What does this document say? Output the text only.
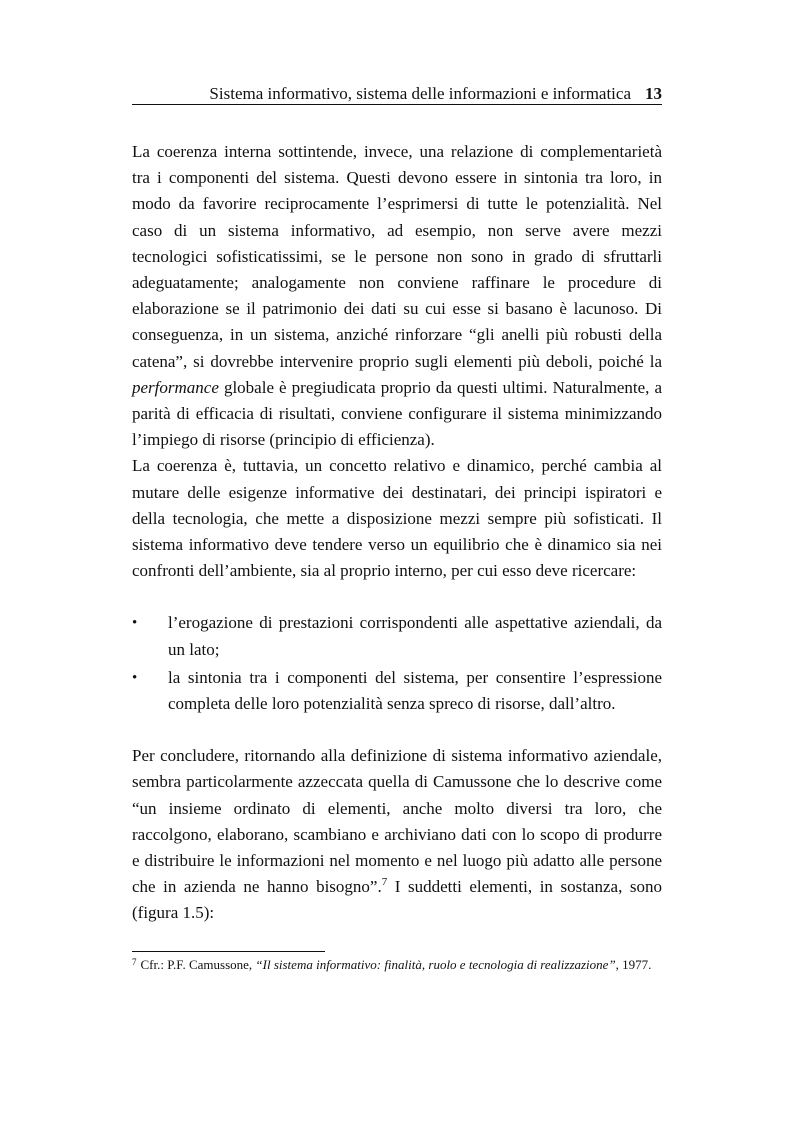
Sistema informativo, sistema delle informazioni e informatica 13

La coerenza interna sottintende, invece, una relazione di complementarietà tra i componenti del sistema. Questi devono essere in sintonia tra loro, in modo da favorire reciprocamente l’esprimersi di tutte le potenzialità. Nel caso di un sistema informativo, ad esempio, non serve avere mezzi tecnologici sofisticatissimi, se le persone non sono in grado di sfruttarli adeguatamente; analogamente non conviene raffinare le procedure di elaborazione se il patrimonio dei dati su cui esse si basano è lacunoso. Di conseguenza, in un sistema, anziché rinforzare “gli anelli più robusti della catena”, si dovrebbe intervenire proprio sugli elementi più deboli, poiché la performance globale è pregiudicata proprio da questi ultimi. Naturalmente, a parità di efficacia di risultati, conviene configurare il sistema minimizzando l’impiego di risorse (principio di efficienza).

La coerenza è, tuttavia, un concetto relativo e dinamico, perché cambia al mutare delle esigenze informative dei destinatari, dei principi ispiratori e della tecnologia, che mette a disposizione mezzi sempre più sofisticati. Il sistema informativo deve tendere verso un equilibrio che è dinamico sia nei confronti dell’ambiente, sia al proprio interno, per cui esso deve ricercare:

•	l’erogazione di prestazioni corrispondenti alle aspettative aziendali, da un lato;
•	la sintonia tra i componenti del sistema, per consentire l’espressione completa delle loro potenzialità senza spreco di risorse, dall’altro.

Per concludere, ritornando alla definizione di sistema informativo aziendale, sembra particolarmente azzeccata quella di Camussone che lo descrive come “un insieme ordinato di elementi, anche molto diversi tra loro, che raccolgono, elaborano, scambiano e archiviano dati con lo scopo di produrre e distribuire le informazioni nel momento e nel luogo più adatto alle persone che in azienda ne hanno bisogno”.$^7$ I suddetti elementi, in sostanza, sono (figura 1.5):

$^7$ Cfr.: P.F. Camussone, “Il sistema informativo: finalità, ruolo e tecnologia di realizzazione”, 1977.
